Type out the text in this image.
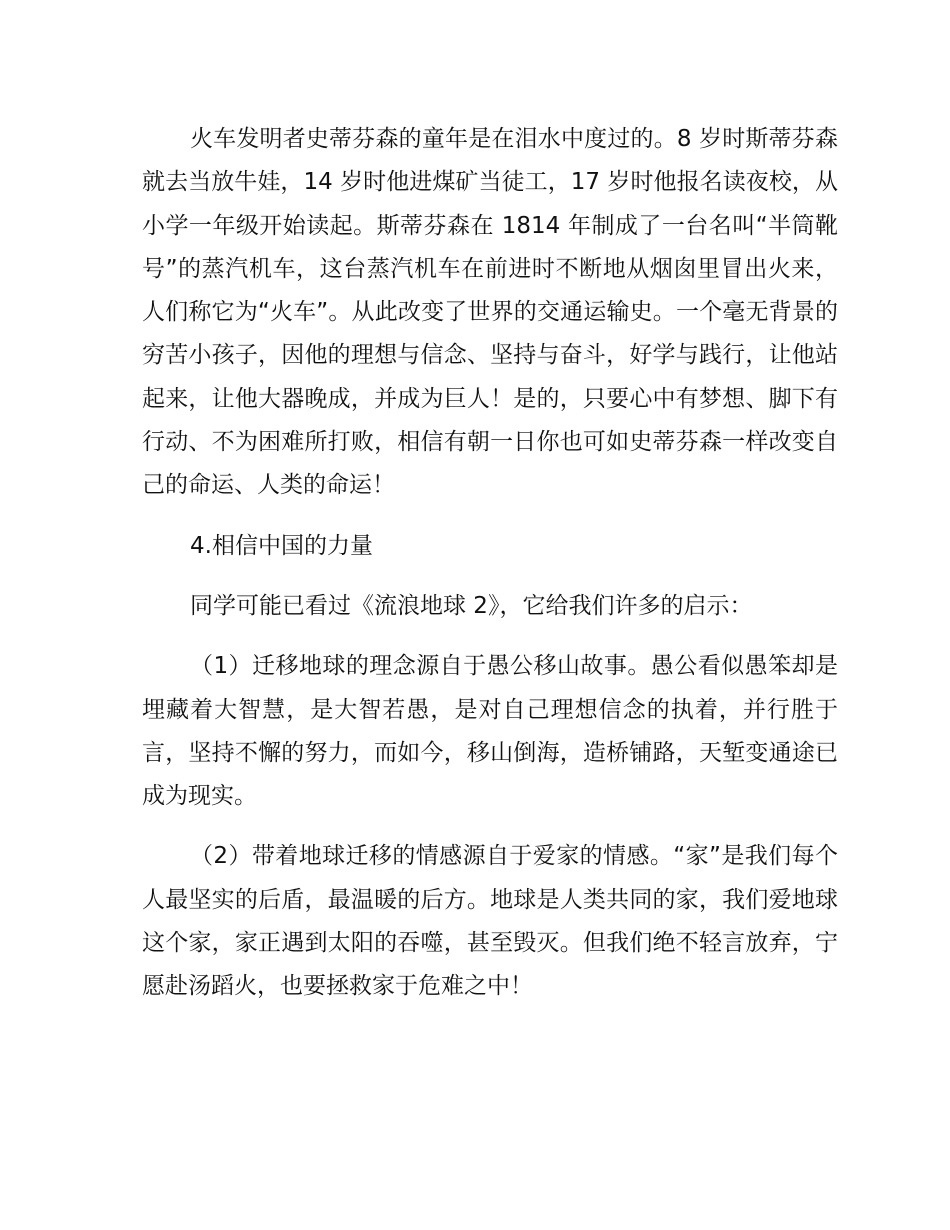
火车发明者史蒂芬森的童年是在泪水中度过的。8 岁时斯蒂芬森就去当放牛娃，14 岁时他进煤矿当徒工，17 岁时他报名读夜校，从小学一年级开始读起。斯蒂芬森在 1814 年制成了一台名叫“半筒靴号”的蒸汽机车，这台蒸汽机车在前进时不断地从烟囱里冒出火来，人们称它为“火车”。从此改变了世界的交通运输史。一个毫无背景的穷苦小孩子，因他的理想与信念、坚持与奋斗，好学与践行，让他站起来，让他大器晚成，并成为巨人！是的，只要心中有梦想、脚下有行动、不为困难所打败，相信有朝一日你也可如史蒂芬森一样改变自己的命运、人类的命运！

4.相信中国的力量

同学可能已看过《流浪地球 2》，它给我们许多的启示：

（1）迁移地球的理念源自于愚公移山故事。愚公看似愚笨却是埋藏着大智慧，是大智若愚，是对自己理想信念的执着，并行胜于言，坚持不懈的努力，而如今，移山倒海，造桥铺路，天堑变通途已成为现实。

（2）带着地球迁移的情感源自于爱家的情感。“家”是我们每个人最坚实的后盾，最温暖的后方。地球是人类共同的家，我们爱地球这个家，家正遇到太阳的吞噬，甚至毁灭。但我们绝不轻言放弃，宁愿赴汤蹈火，也要拯救家于危难之中！
